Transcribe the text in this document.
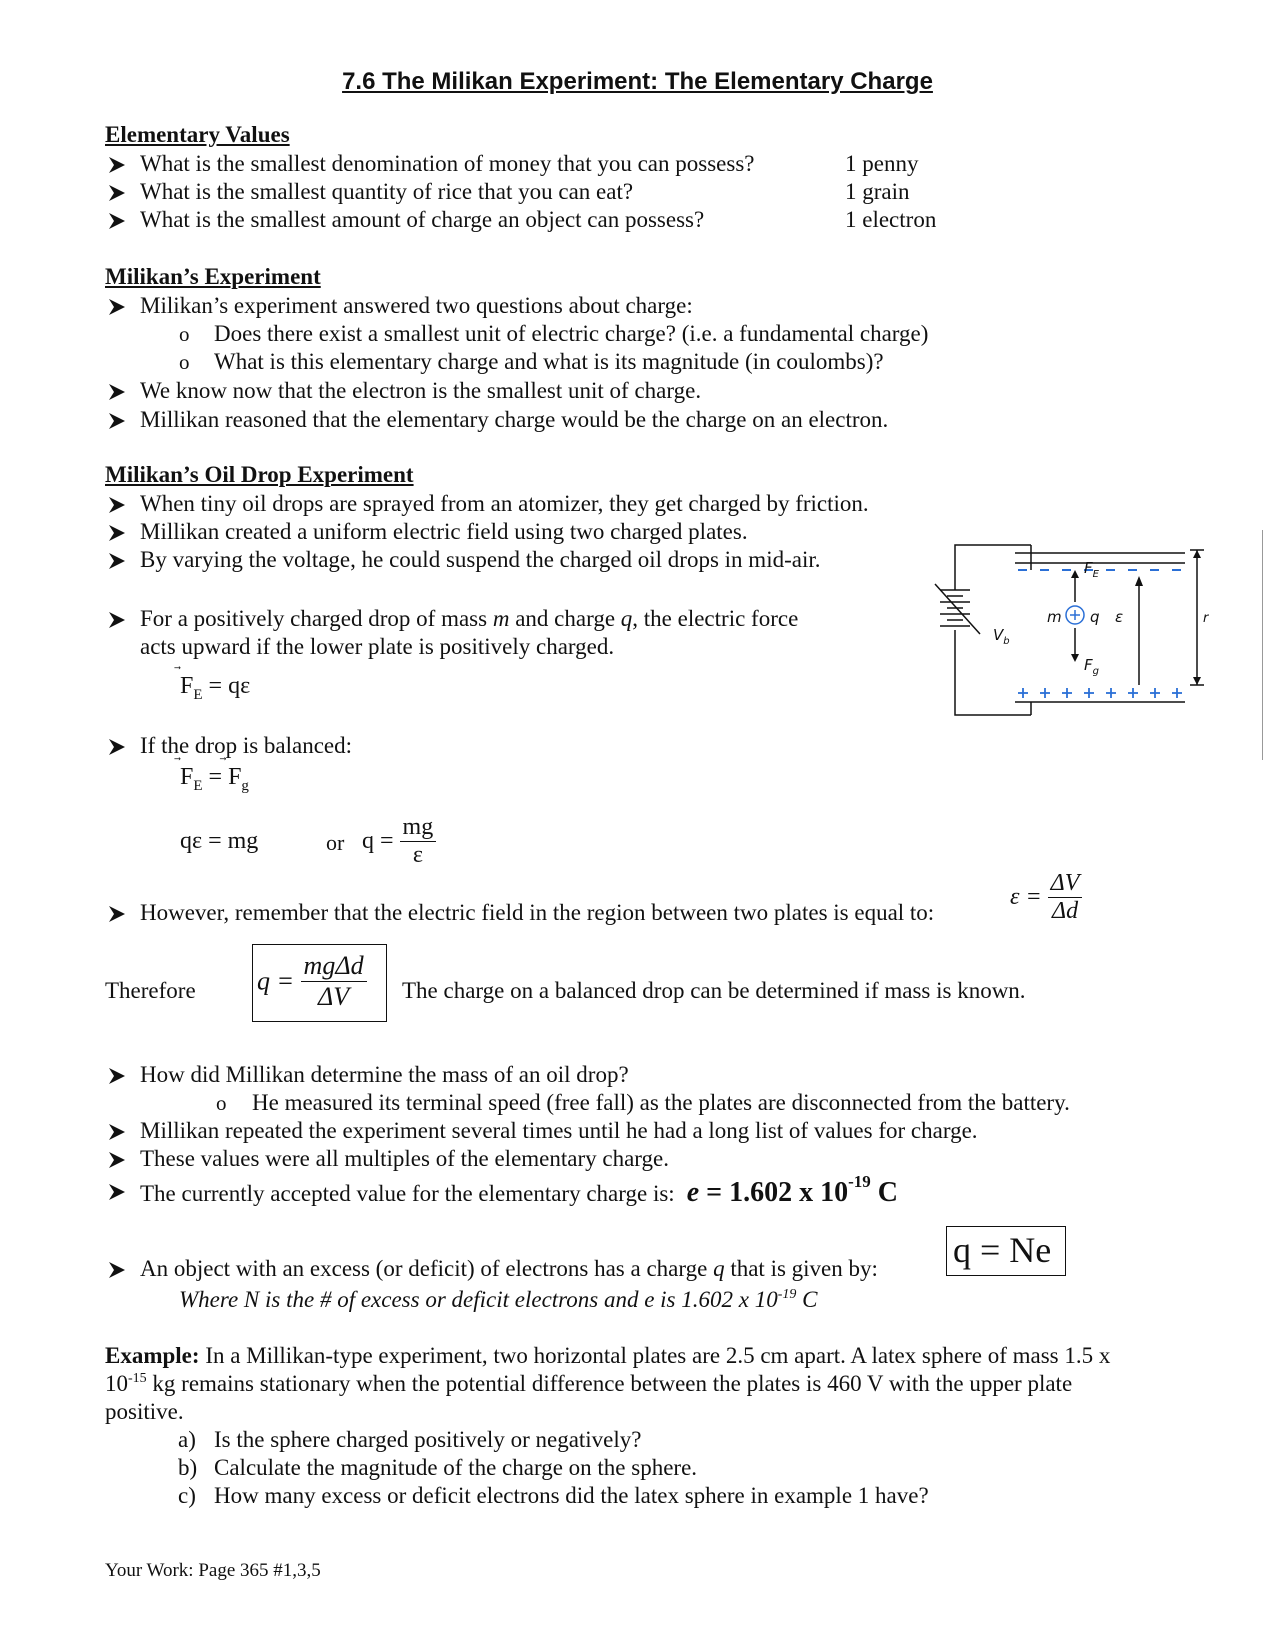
7.6 The Milikan Experiment: The Elementary Charge
Elementary Values
What is the smallest denomination of money that you can possess?	1 penny
What is the smallest quantity of rice that you can eat?	1 grain
What is the smallest amount of charge an object can possess?	1 electron
Milikan’s Experiment
Milikan’s experiment answered two questions about charge:
o Does there exist a smallest unit of electric charge? (i.e. a fundamental charge)
o What is this elementary charge and what is its magnitude (in coulombs)?
We know now that the electron is the smallest unit of charge.
Millikan reasoned that the elementary charge would be the charge on an electron.
Milikan’s Oil Drop Experiment
When tiny oil drops are sprayed from an atomizer, they get charged by friction.
Millikan created a uniform electric field using two charged plates.
By varying the voltage, he could suspend the charged oil drops in mid-air.
For a positively charged drop of mass m and charge q, the electric force
acts upward if the lower plate is positively charged.
$F_E = q\varepsilon$
If the drop is balanced:
$F_E = F_g$
qε = mg	or $q = \frac{mg}{\varepsilon}$
However, remember that the electric field in the region between two plates is equal to:
$\varepsilon = \frac{\Delta V}{\Delta d}$
Therefore $q = \frac{\text{mgΔd}}{\Delta V}$ The charge on a balanced drop can be determined if mass is known.
$F_E$
m q ε	r
$V_b$
$F_g$
How did Millikan determine the mass of an oil drop?
o He measured its terminal speed (free fall) as the plates are disconnected from the battery.
Millikan repeated the experiment several times until he had a long list of values for charge.
These values were all multiples of the elementary charge.
The currently accepted value for the elementary charge is: e = 1.602 x $10^{-19}$ C
An object with an excess (or deficit) of electrons has a charge q that is given by: q = Ne
Where N is the # of excess or deficit electrons and e is 1.602 x $10^{-19}$ C
Example: In a Millikan-type experiment, two horizontal plates are 2.5 cm apart. A latex sphere of mass 1.5 x
$10^{-15}$ kg remains stationary when the potential difference between the plates is 460 V with the upper plate
positive.
a) Is the sphere charged positively or negatively?
b) Calculate the magnitude of the charge on the sphere.
c) How many excess or deficit electrons did the latex sphere in example 1 have?
Your Work: Page 365 #1,3,5
